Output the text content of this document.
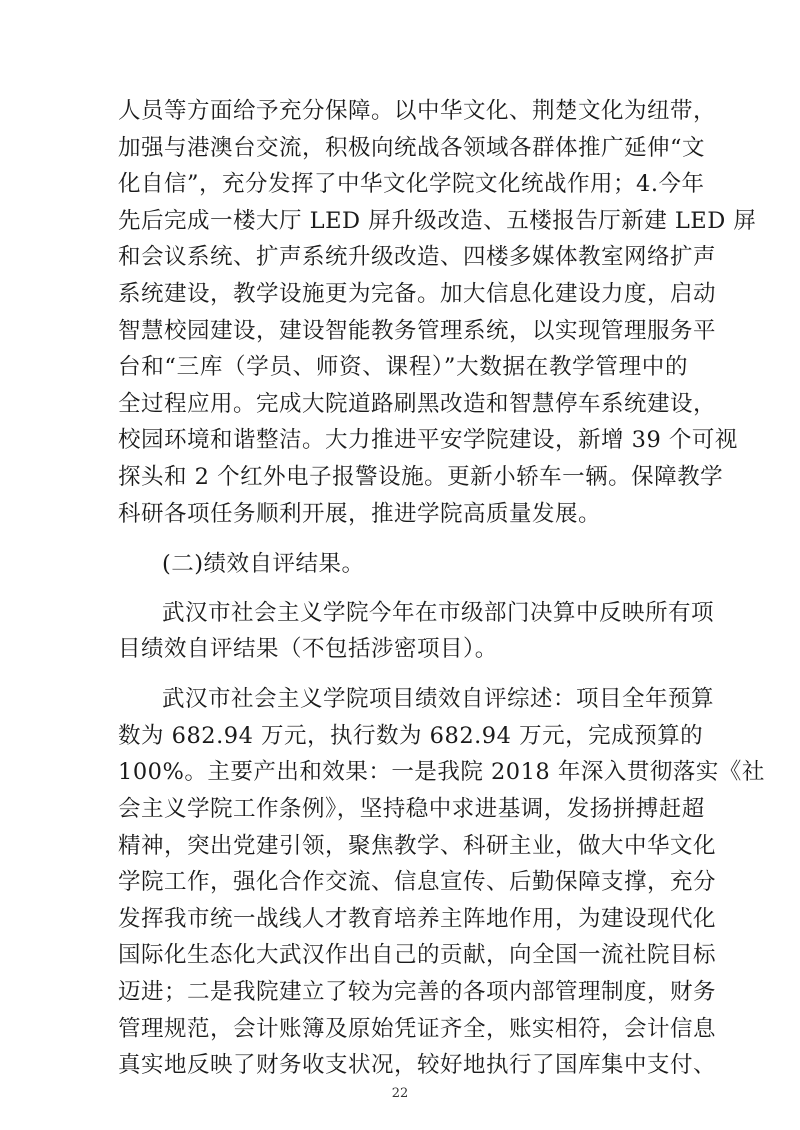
人员等方面给予充分保障。以中华文化、荆楚文化为纽带，
加强与港澳台交流，积极向统战各领域各群体推广延伸“文
化自信”，充分发挥了中华文化学院文化统战作用；4.今年
先后完成一楼大厅 LED 屏升级改造、五楼报告厅新建 LED 屏
和会议系统、扩声系统升级改造、四楼多媒体教室网络扩声
系统建设，教学设施更为完备。加大信息化建设力度，启动
智慧校园建设，建设智能教务管理系统，以实现管理服务平
台和“三库（学员、师资、课程）”大数据在教学管理中的
全过程应用。完成大院道路刷黑改造和智慧停车系统建设，
校园环境和谐整洁。大力推进平安学院建设，新增 39 个可视
探头和 2 个红外电子报警设施。更新小轿车一辆。保障教学
科研各项任务顺利开展，推进学院高质量发展。
(二)绩效自评结果。
武汉市社会主义学院今年在市级部门决算中反映所有项
目绩效自评结果（不包括涉密项目）。
武汉市社会主义学院项目绩效自评综述：项目全年预算
数为 682.94 万元，执行数为 682.94 万元，完成预算的
100%。主要产出和效果：一是我院 2018 年深入贯彻落实《社
会主义学院工作条例》，坚持稳中求进基调，发扬拼搏赶超
精神，突出党建引领，聚焦教学、科研主业，做大中华文化
学院工作，强化合作交流、信息宣传、后勤保障支撑，充分
发挥我市统一战线人才教育培养主阵地作用，为建设现代化
国际化生态化大武汉作出自己的贡献，向全国一流社院目标
迈进；二是我院建立了较为完善的各项内部管理制度，财务
管理规范，会计账簿及原始凭证齐全，账实相符，会计信息
真实地反映了财务收支状况，较好地执行了国库集中支付、
22
